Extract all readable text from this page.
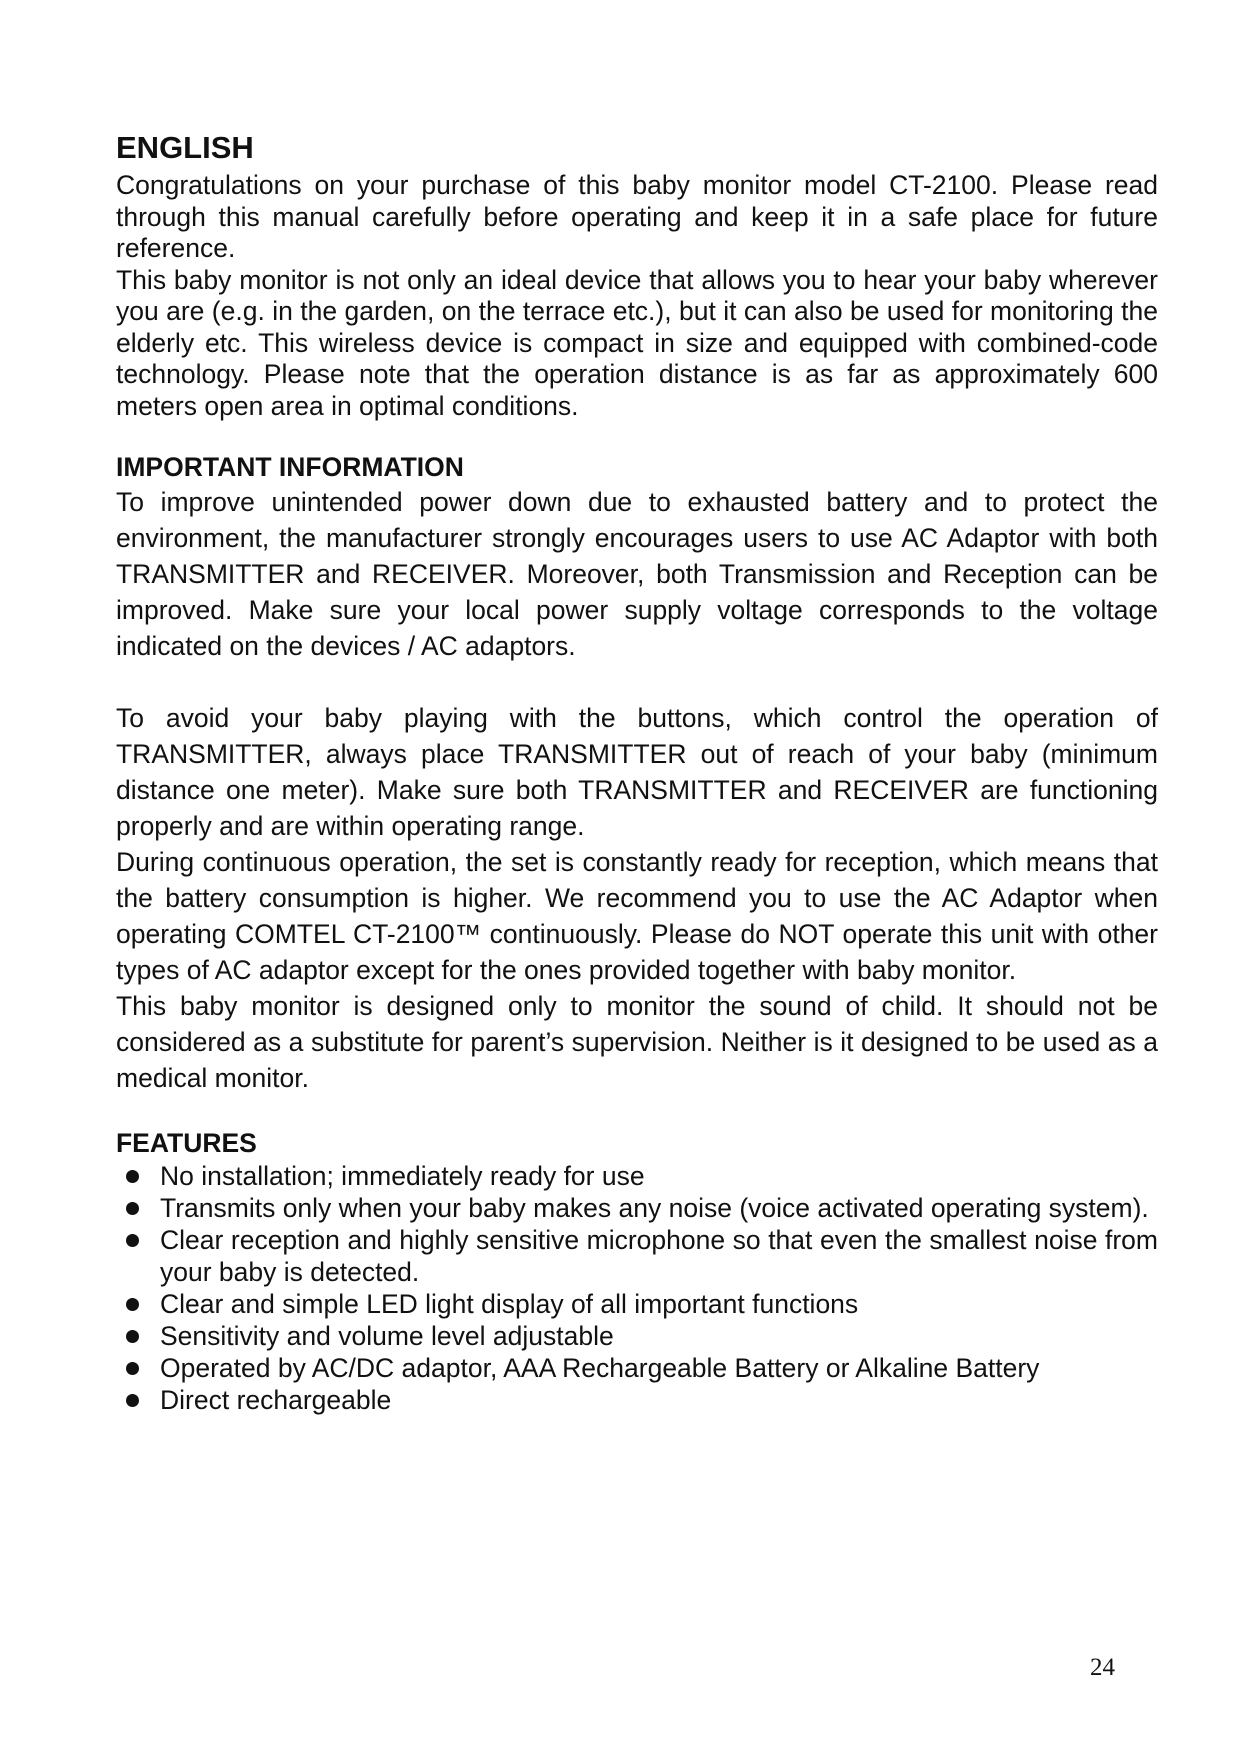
ENGLISH

Congratulations on your purchase of this baby monitor model CT-2100. Please read through this manual carefully before operating and keep it in a safe place for future reference.

This baby monitor is not only an ideal device that allows you to hear your baby wherever you are (e.g. in the garden, on the terrace etc.), but it can also be used for monitoring the elderly etc. This wireless device is compact in size and equipped with combined-code technology. Please note that the operation distance is as far as approximately 600 meters open area in optimal conditions.

IMPORTANT INFORMATION

To improve unintended power down due to exhausted battery and to protect the environment, the manufacturer strongly encourages users to use AC Adaptor with both TRANSMITTER and RECEIVER. Moreover, both Transmission and Reception can be improved. Make sure your local power supply voltage corresponds to the voltage indicated on the devices / AC adaptors.

To avoid your baby playing with the buttons, which control the operation of TRANSMITTER, always place TRANSMITTER out of reach of your baby (minimum distance one meter). Make sure both TRANSMITTER and RECEIVER are functioning properly and are within operating range.

During continuous operation, the set is constantly ready for reception, which means that the battery consumption is higher. We recommend you to use the AC Adaptor when operating COMTEL CT-2100™ continuously. Please do NOT operate this unit with other types of AC adaptor except for the ones provided together with baby monitor.

This baby monitor is designed only to monitor the sound of child. It should not be considered as a substitute for parent’s supervision. Neither is it designed to be used as a medical monitor.

FEATURES
No installation; immediately ready for use
Transmits only when your baby makes any noise (voice activated operating system).
Clear reception and highly sensitive microphone so that even the smallest noise from your baby is detected.
Clear and simple LED light display of all important functions
Sensitivity and volume level adjustable
Operated by AC/DC adaptor, AAA Rechargeable Battery or Alkaline Battery
Direct rechargeable
24
